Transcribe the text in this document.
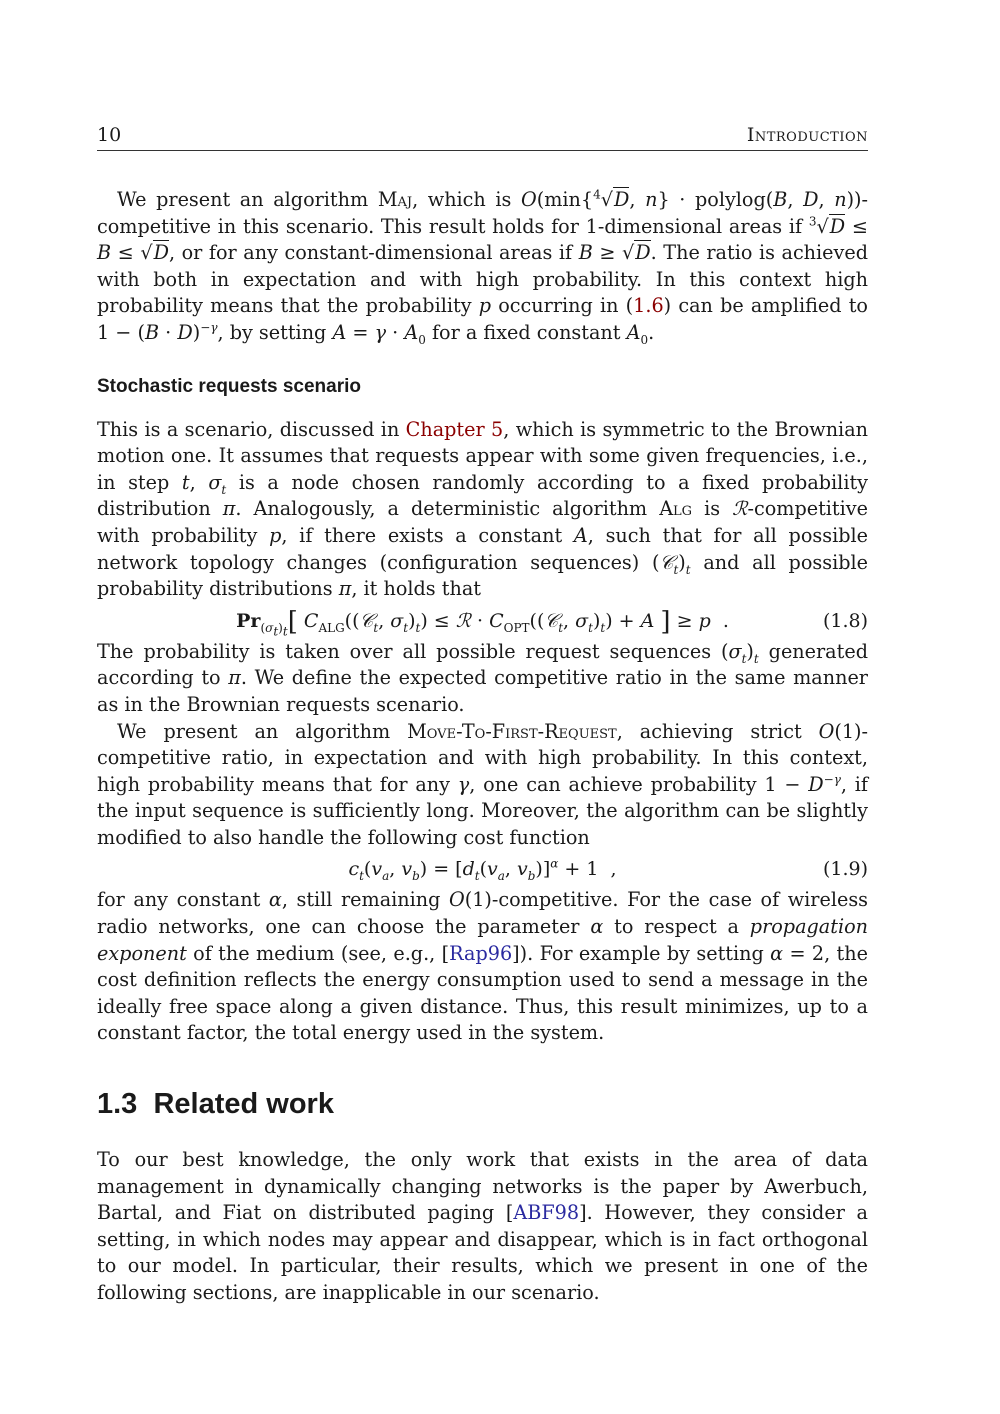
10	Introduction

We present an algorithm Maj, which is O(min{$^4$√D, n} · polylog(B, D, n))-competitive in this scenario. This result holds for 1-dimensional areas if $^3$√D ≤ B ≤ √D, or for any constant-dimensional areas if B ≥ √D. The ratio is achieved with both in expectation and with high probability. In this context high probability means that the probability p occurring in (1.6) can be amplified to $1 - (B \cdot D)^{-\gamma}$, by setting $A = \gamma \cdot A_0$ for a fixed constant $A_0$.

Stochastic requests scenario

This is a scenario, discussed in Chapter 5, which is symmetric to the Brownian motion one. It assumes that requests appear with some given frequencies, i.e., in step t, $\sigma_t$ is a node chosen randomly according to a fixed probability distribution π. Analogously, a deterministic algorithm Alg is ℛ-competitive with probability p, if there exists a constant A, such that for all possible network topology changes (configuration sequences) $(𝒞_t)_t$ and all possible probability distributions π, it holds that

$Pr_{(\sigma_t)_t}$[ $C_{ALG}((𝒞_t$, $\sigma_t)_t$) ≤ ℛ · $C_{OPT}((𝒞_t$, $\sigma_t)_t) + A$ ] ≥ p  .	(1.8)

The probability is taken over all possible request sequences $(\sigma_t)_t$ generated according to π. We define the expected competitive ratio in the same manner as in the Brownian requests scenario.

We present an algorithm Move-To-First-Request, achieving strict O(1)-competitive ratio, in expectation and with high probability. In this context, high probability means that for any γ, one can achieve probability $1 - D^{-\gamma}$, if the input sequence is sufficiently long. Moreover, the algorithm can be slightly modified to also handle the following cost function

$c_t(v_a$, $v_b) = [d_t(v_a$, $v_b)]^\alpha + 1$  ,	(1.9)

for any constant α, still remaining O(1)-competitive. For the case of wireless radio networks, one can choose the parameter α to respect a propagation exponent of the medium (see, e.g., [Rap96]). For example by setting α = 2, the cost definition reflects the energy consumption used to send a message in the ideally free space along a given distance. Thus, this result minimizes, up to a constant factor, the total energy used in the system.

1.3 Related work

To our best knowledge, the only work that exists in the area of data management in dynamically changing networks is the paper by Awerbuch, Bartal, and Fiat on distributed paging [ABF98]. However, they consider a setting, in which nodes may appear and disappear, which is in fact orthogonal to our model. In particular, their results, which we present in one of the following sections, are inapplicable in our scenario.
